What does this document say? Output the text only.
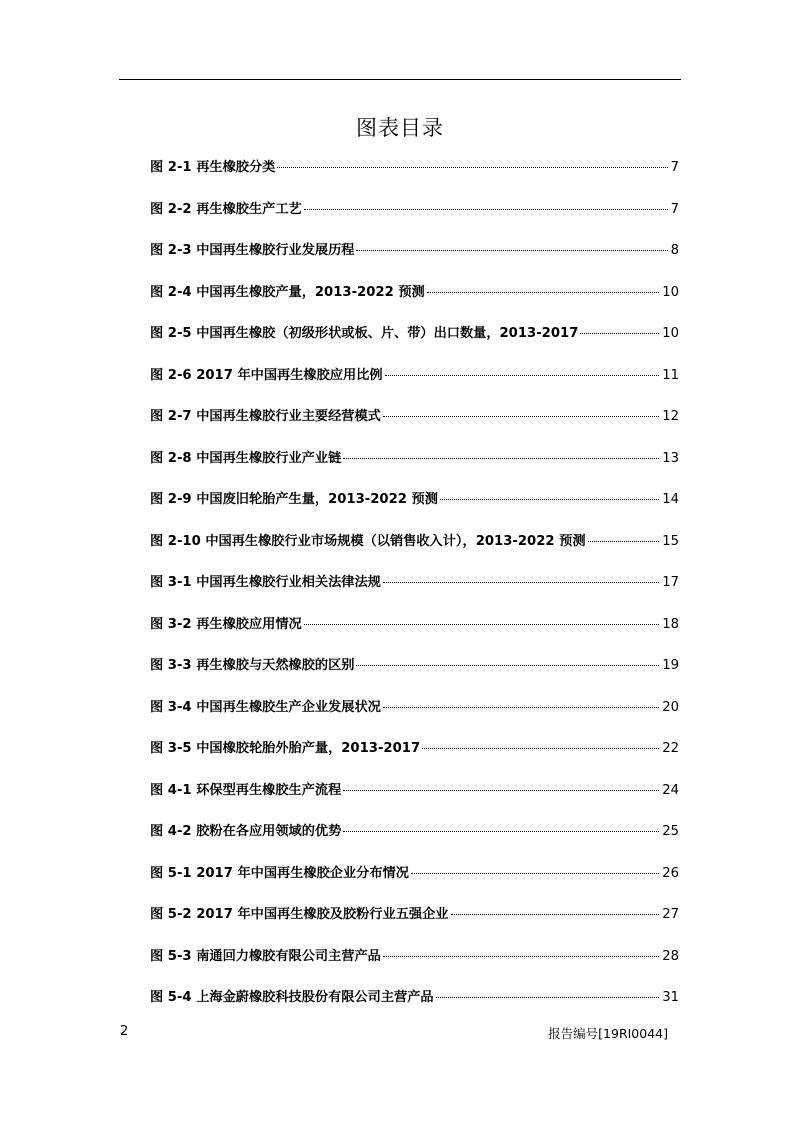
图表目录
图 2-1 再生橡胶分类	7
图 2-2 再生橡胶生产工艺	7
图 2-3 中国再生橡胶行业发展历程	8
图 2-4 中国再生橡胶产量，2013-2022 预测	10
图 2-5 中国再生橡胶（初级形状或板、片、带）出口数量，2013-2017	10
图 2-6 2017 年中国再生橡胶应用比例	11
图 2-7 中国再生橡胶行业主要经营模式	12
图 2-8 中国再生橡胶行业产业链	13
图 2-9 中国废旧轮胎产生量，2013-2022 预测	14
图 2-10 中国再生橡胶行业市场规模（以销售收入计），2013-2022 预测	15
图 3-1 中国再生橡胶行业相关法律法规	17
图 3-2 再生橡胶应用情况	18
图 3-3 再生橡胶与天然橡胶的区别	19
图 3-4 中国再生橡胶生产企业发展状况	20
图 3-5 中国橡胶轮胎外胎产量，2013-2017	22
图 4-1 环保型再生橡胶生产流程	24
图 4-2 胶粉在各应用领域的优势	25
图 5-1 2017 年中国再生橡胶企业分布情况	26
图 5-2 2017 年中国再生橡胶及胶粉行业五强企业	27
图 5-3 南通回力橡胶有限公司主营产品	28
图 5-4 上海金蔚橡胶科技股份有限公司主营产品	31
2	报告编号[19RI0044]
